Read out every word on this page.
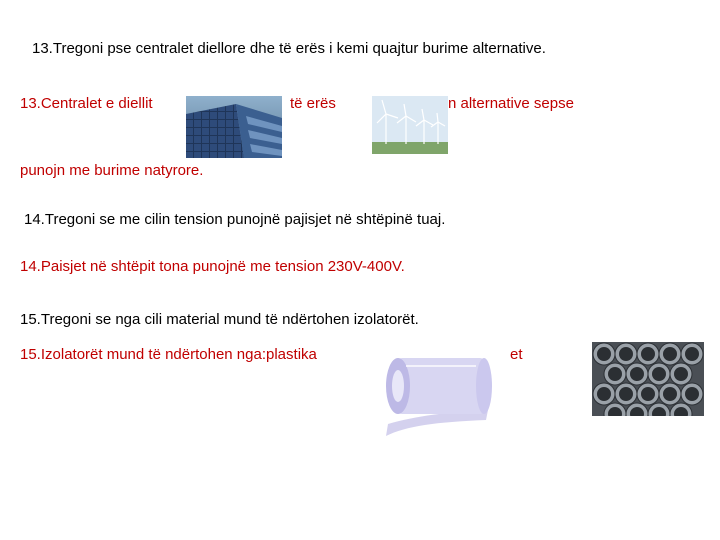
13.Tregoni pse centralet diellore dhe të erës i kemi quajtur burime alternative.
13.Centralet e diellit	të erës	n alternative sepse
punojn me burime natyrore.
14.Tregoni se me cilin tension punojnë pajisjet në shtëpinë tuaj.
14.Paisjet në shtëpit tona punojnë me tension 230V-400V.
15.Tregoni se nga cili material mund të ndërtohen izolatorët.
15.Izolatorët mund të ndërtohen nga:plastika	et
